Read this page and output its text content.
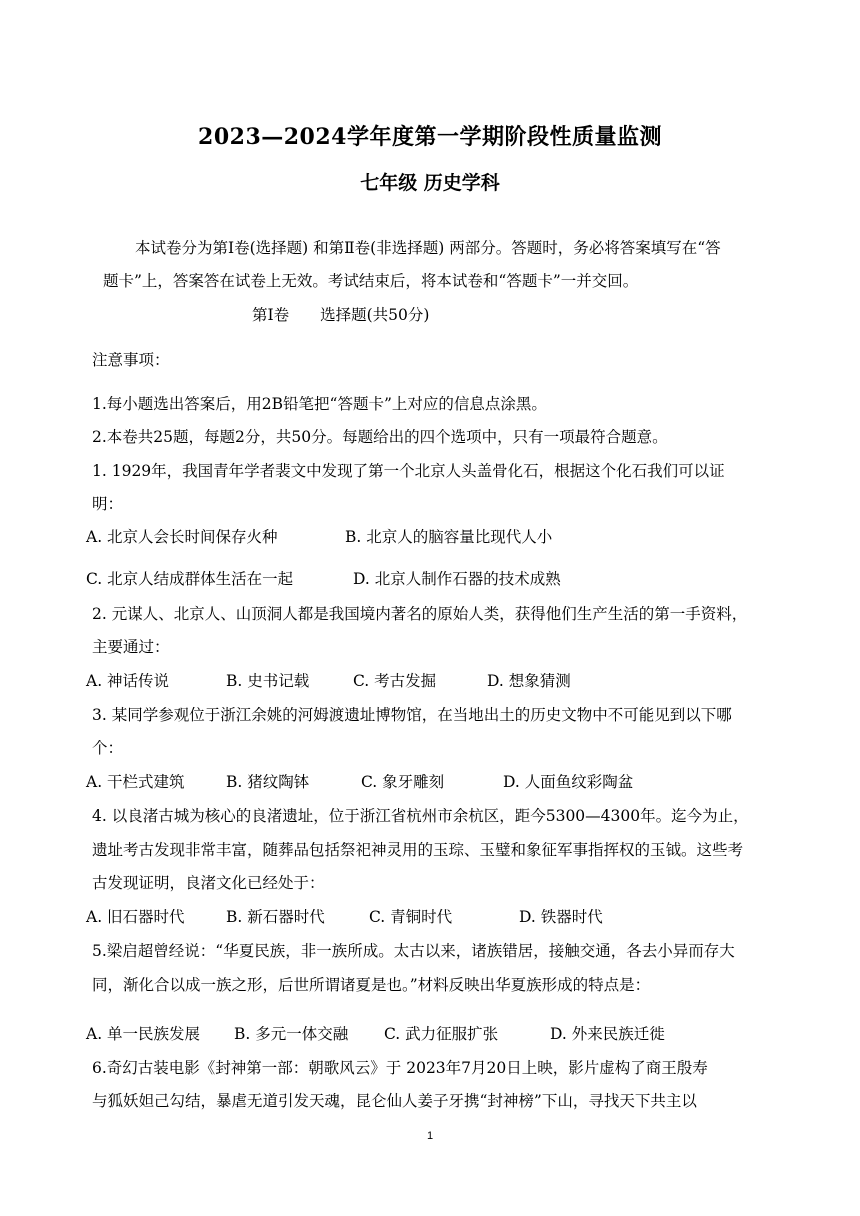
2023—2024学年度第一学期阶段性质量监测
七年级 历史学科
本试卷分为第Ⅰ卷(选择题) 和第Ⅱ卷(非选择题) 两部分。答题时，务必将答案填写在“答
题卡”上，答案答在试卷上无效。考试结束后，将本试卷和“答题卡”一并交回。
第Ⅰ卷　　选择题(共50分)
注意事项：
1.每小题选出答案后，用2B铅笔把“答题卡”上对应的信息点涂黑。
2.本卷共25题，每题2分，共50分。每题给出的四个选项中，只有一项最符合题意。
1. 1929年，我国青年学者裴文中发现了第一个北京人头盖骨化石，根据这个化石我们可以证
明：
A. 北京人会长时间保存火种	B. 北京人的脑容量比现代人小
C. 北京人结成群体生活在一起	D. 北京人制作石器的技术成熟
2. 元谋人、北京人、山顶洞人都是我国境内著名的原始人类，获得他们生产生活的第一手资料，
主要通过：
A. 神话传说	B. 史书记载	C. 考古发掘	D. 想象猜测
3. 某同学参观位于浙江余姚的河姆渡遗址博物馆，在当地出土的历史文物中不可能见到以下哪
个：
A. 干栏式建筑	B. 猪纹陶钵	C. 象牙雕刻	D. 人面鱼纹彩陶盆
4. 以良渚古城为核心的良渚遗址，位于浙江省杭州市余杭区，距今5300—4300年。迄今为止，
遗址考古发现非常丰富，随葬品包括祭祀神灵用的玉琮、玉璧和象征军事指挥权的玉钺。这些考
古发现证明，良渚文化已经处于：
A. 旧石器时代	B. 新石器时代	C. 青铜时代	D. 铁器时代
5.梁启超曾经说：“华夏民族，非一族所成。太古以来，诸族错居，接触交通，各去小异而存大
同，渐化合以成一族之形，后世所谓诸夏是也。”材料反映出华夏族形成的特点是：
A. 单一民族发展 B. 多元一体交融 C. 武力征服扩张	D. 外来民族迁徙
6.奇幻古装电影《封神第一部：朝歌风云》于 2023年7月20日上映，影片虚构了商王殷寿
与狐妖妲己勾结，暴虐无道引发天魂，昆仑仙人姜子牙携“封神榜”下山，寻找天下共主以
1
